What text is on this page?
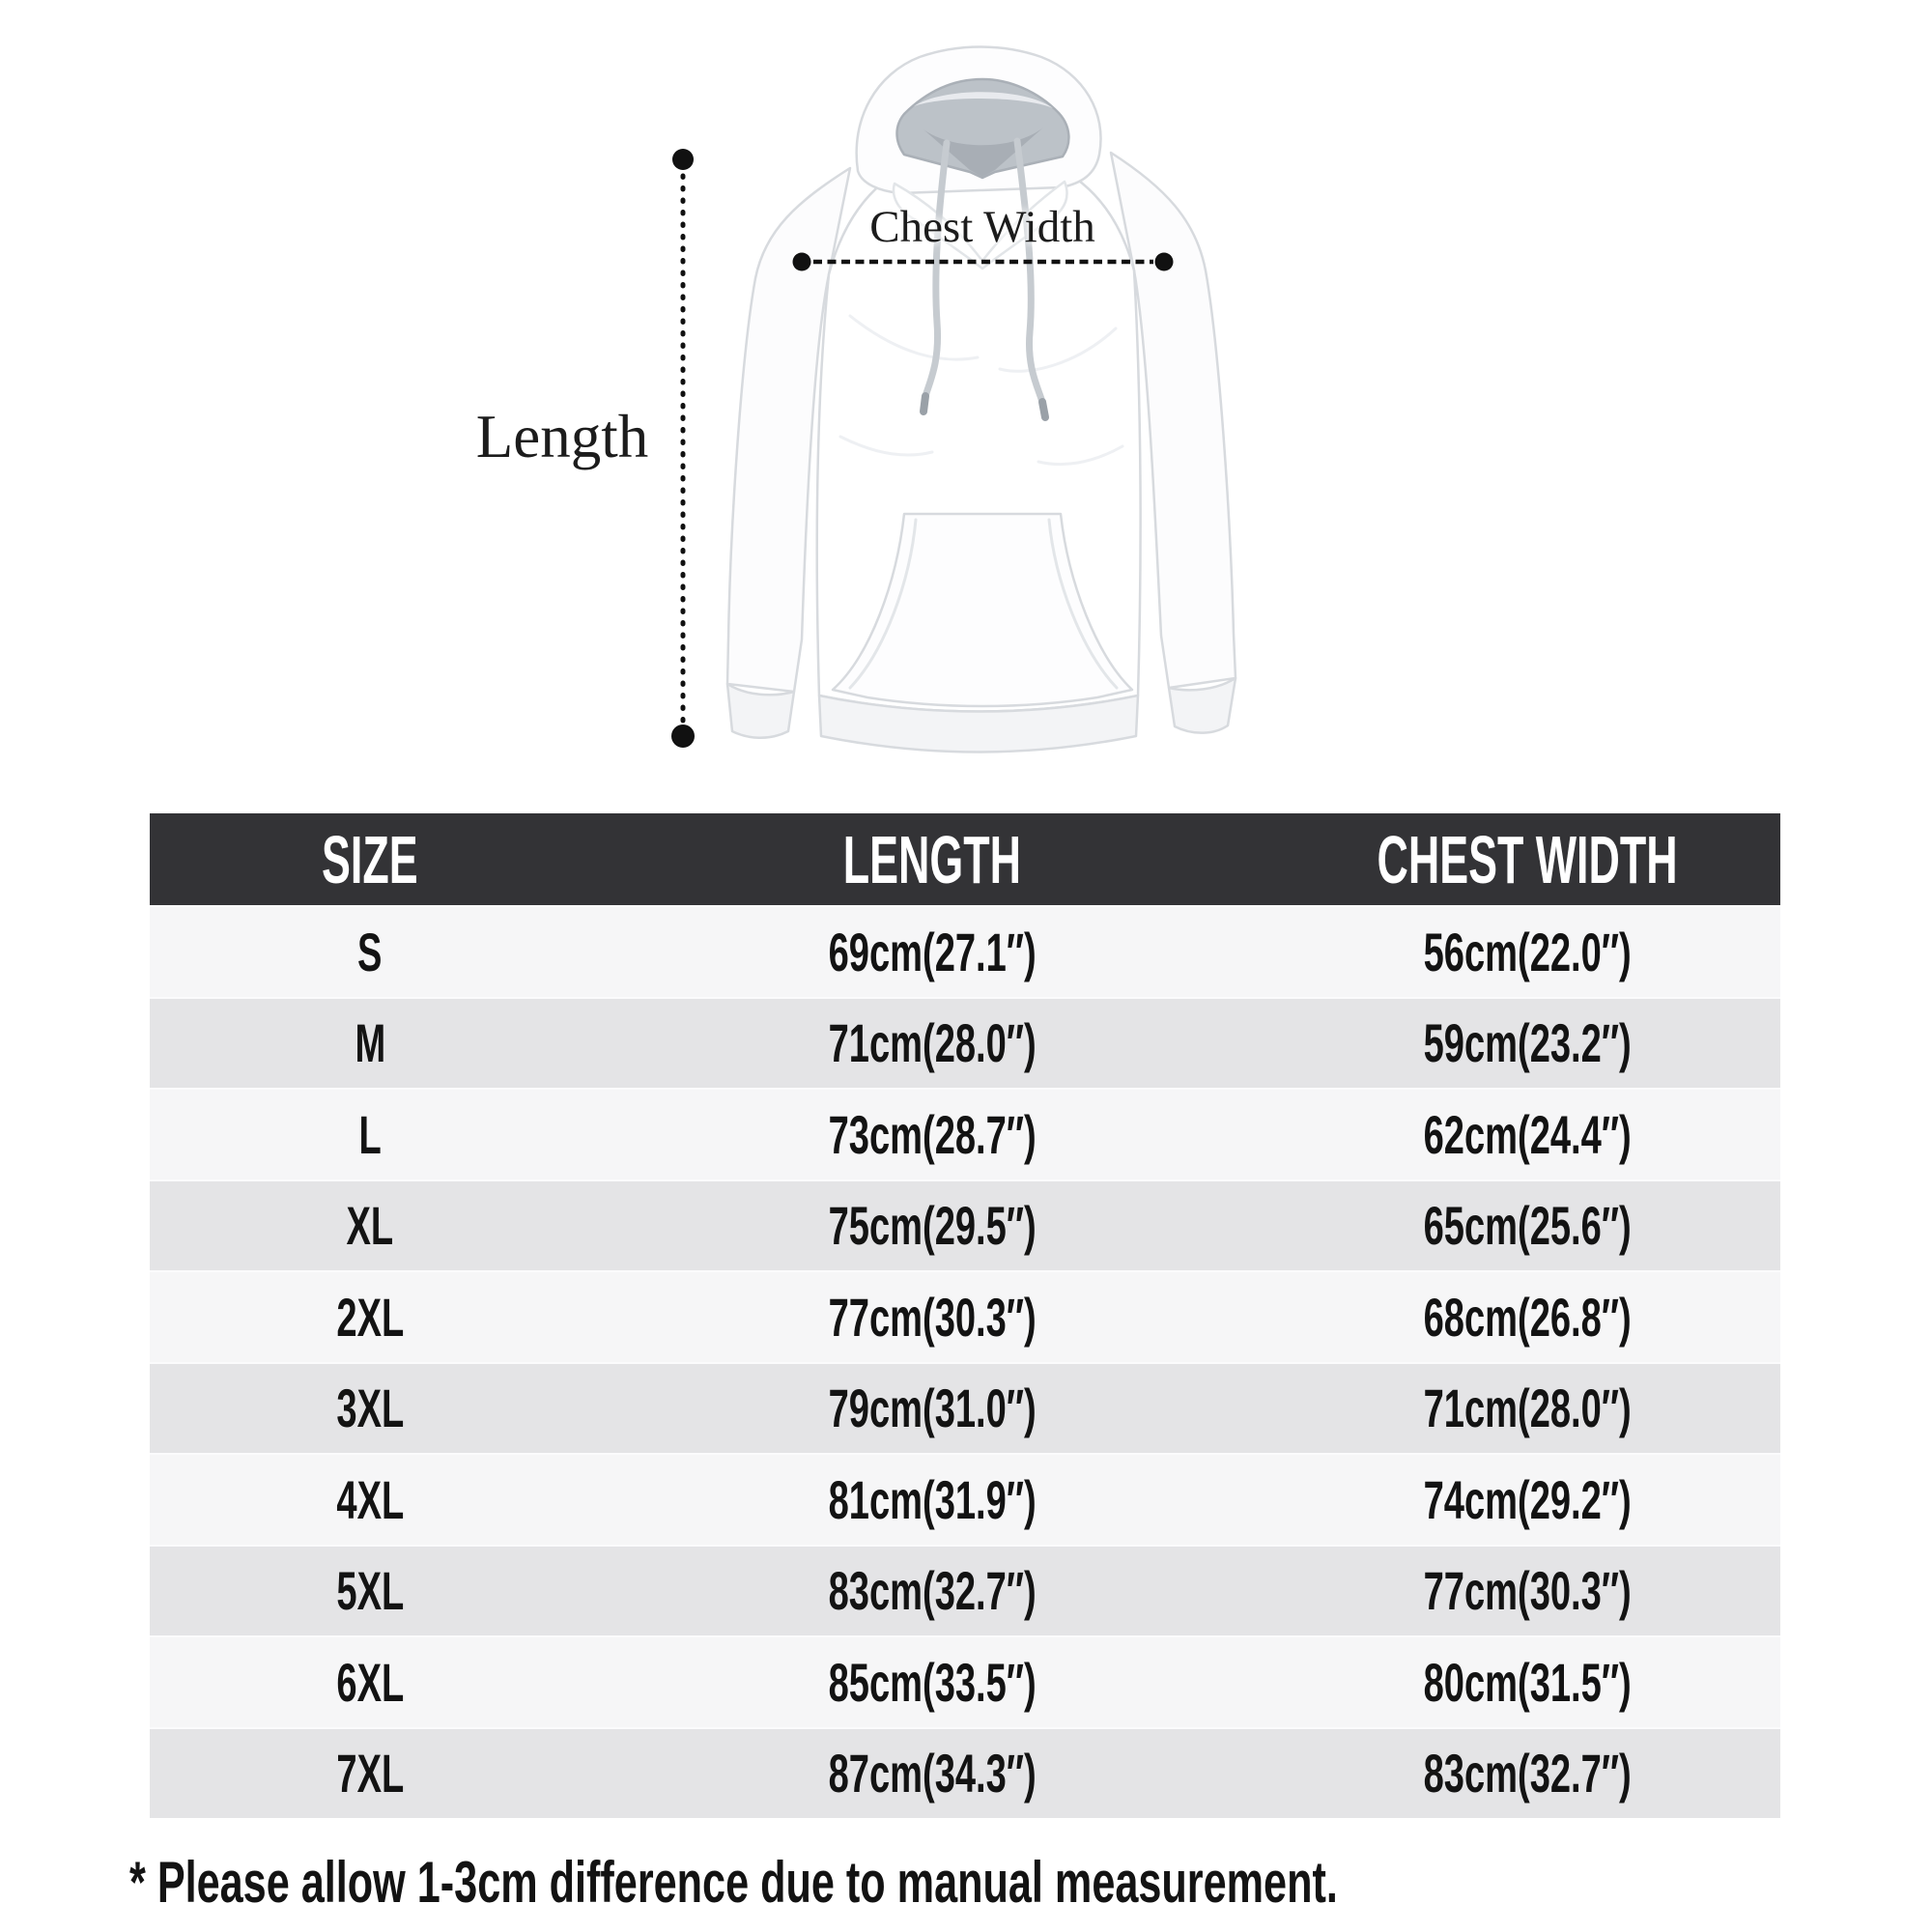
Chest Width
Length
SIZE	LENGTH	CHEST WIDTH
S	69cm(27.1″)	56cm(22.0″)
M	71cm(28.0″)	59cm(23.2″)
L	73cm(28.7″)	62cm(24.4″)
XL	75cm(29.5″)	65cm(25.6″)
2XL	77cm(30.3″)	68cm(26.8″)
3XL	79cm(31.0″)	71cm(28.0″)
4XL	81cm(31.9″)	74cm(29.2″)
5XL	83cm(32.7″)	77cm(30.3″)
6XL	85cm(33.5″)	80cm(31.5″)
7XL	87cm(34.3″)	83cm(32.7″)
* Please allow 1-3cm difference due to manual measurement.
